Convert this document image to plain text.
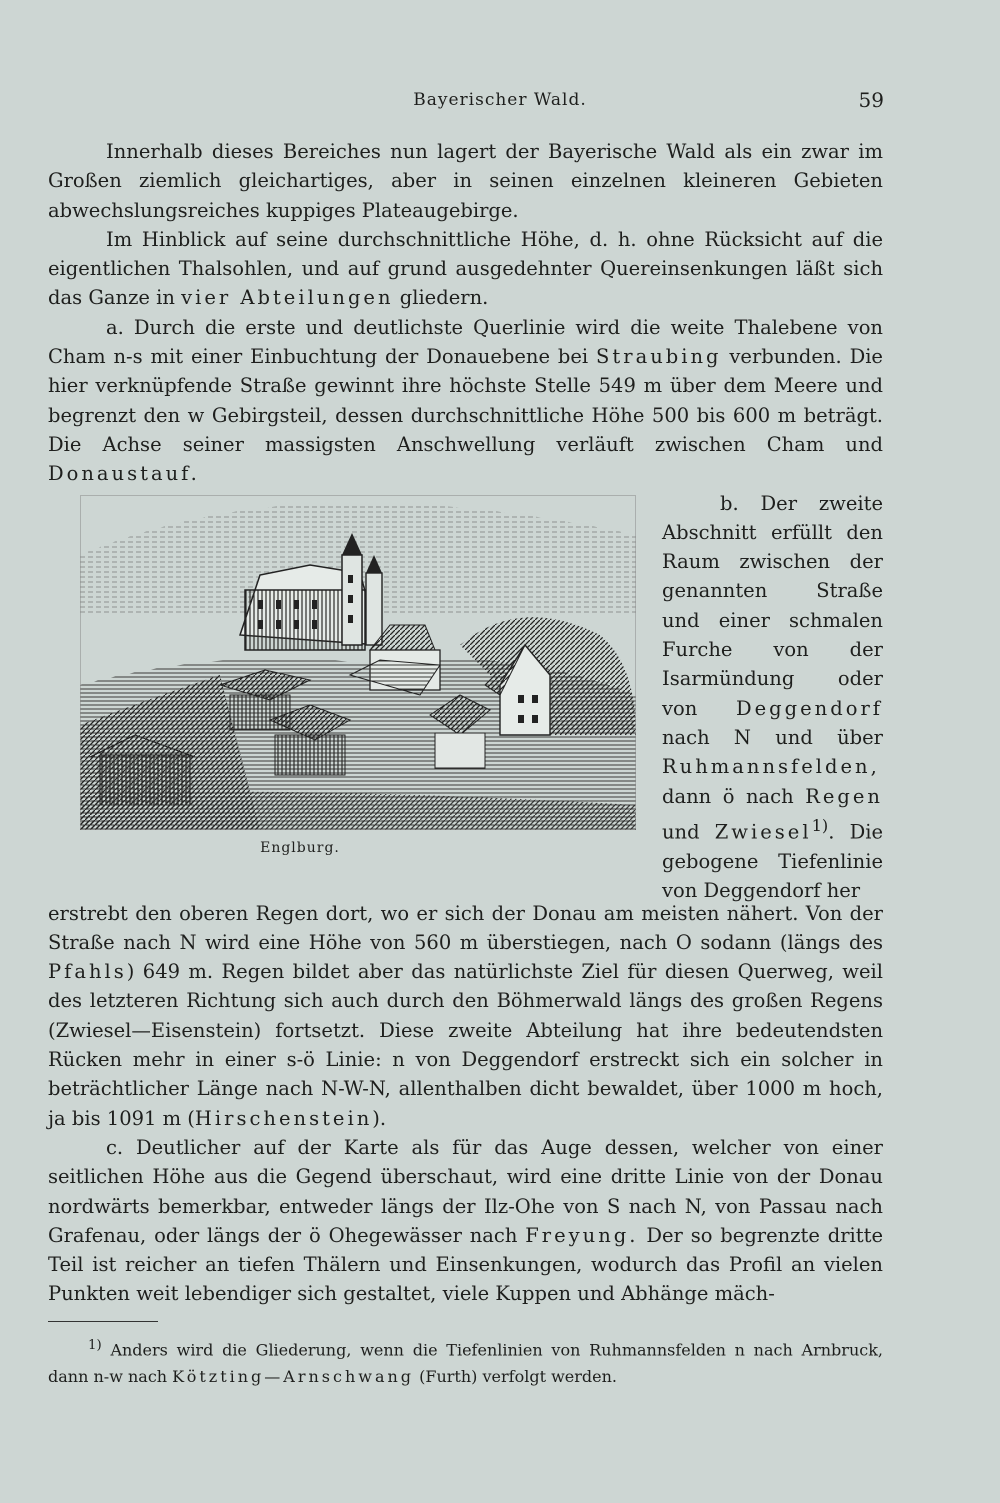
Bayerischer Wald.	59

Innerhalb dieses Bereiches nun lagert der Bayerische Wald als ein zwar im Großen ziemlich gleichartiges, aber in seinen einzelnen kleineren Gebieten abwechslungsreiches kuppiges Plateaugebirge.

Im Hinblick auf seine durchschnittliche Höhe, d. h. ohne Rücksicht auf die eigentlichen Thalsohlen, und auf grund ausgedehnter Quereinsenkungen läßt sich das Ganze in vier Abteilungen gliedern.

a. Durch die erste und deutlichste Querlinie wird die weite Thalebene von Cham n-s mit einer Einbuchtung der Donauebene bei Straubing verbunden. Die hier verknüpfende Straße gewinnt ihre höchste Stelle 549 m über dem Meere und begrenzt den w Gebirgsteil, dessen durchschnittliche Höhe 500 bis 600 m beträgt. Die Achse seiner massigsten Anschwellung verläuft zwischen Cham und Donaustauf.

Englburg.

b. Der zweite Abschnitt erfüllt den Raum zwischen der genannten Straße und einer schmalen Furche von der Isarmündung oder von Deggendorf nach N und über Ruhmannsfelden, dann ö nach Regen und Zwiesel$^{1)}$. Die gebogene Tiefenlinie von Deggendorf her

erstrebt den oberen Regen dort, wo er sich der Donau am meisten nähert. Von der Straße nach N wird eine Höhe von 560 m überstiegen, nach O sodann (längs des Pfahls) 649 m. Regen bildet aber das natürlichste Ziel für diesen Querweg, weil des letzteren Richtung sich auch durch den Böhmerwald längs des großen Regens (Zwiesel—Eisenstein) fortsetzt. Diese zweite Abteilung hat ihre bedeutendsten Rücken mehr in einer s-ö Linie: n von Deggendorf erstreckt sich ein solcher in beträchtlicher Länge nach N-W-N, allenthalben dicht bewaldet, über 1000 m hoch, ja bis 1091 m (Hirschenstein).

c. Deutlicher auf der Karte als für das Auge dessen, welcher von einer seitlichen Höhe aus die Gegend überschaut, wird eine dritte Linie von der Donau nordwärts bemerkbar, entweder längs der Ilz-Ohe von S nach N, von Passau nach Grafenau, oder längs der ö Ohegewässer nach Freyung. Der so begrenzte dritte Teil ist reicher an tiefen Thälern und Einsenkungen, wodurch das Profil an vielen Punkten weit lebendiger sich gestaltet, viele Kuppen und Abhänge mäch-

$^{1)}$ Anders wird die Gliederung, wenn die Tiefenlinien von Ruhmannsfelden n nach Arnbruck, dann n-w nach Kötzting—Arnschwang (Furth) verfolgt werden.
